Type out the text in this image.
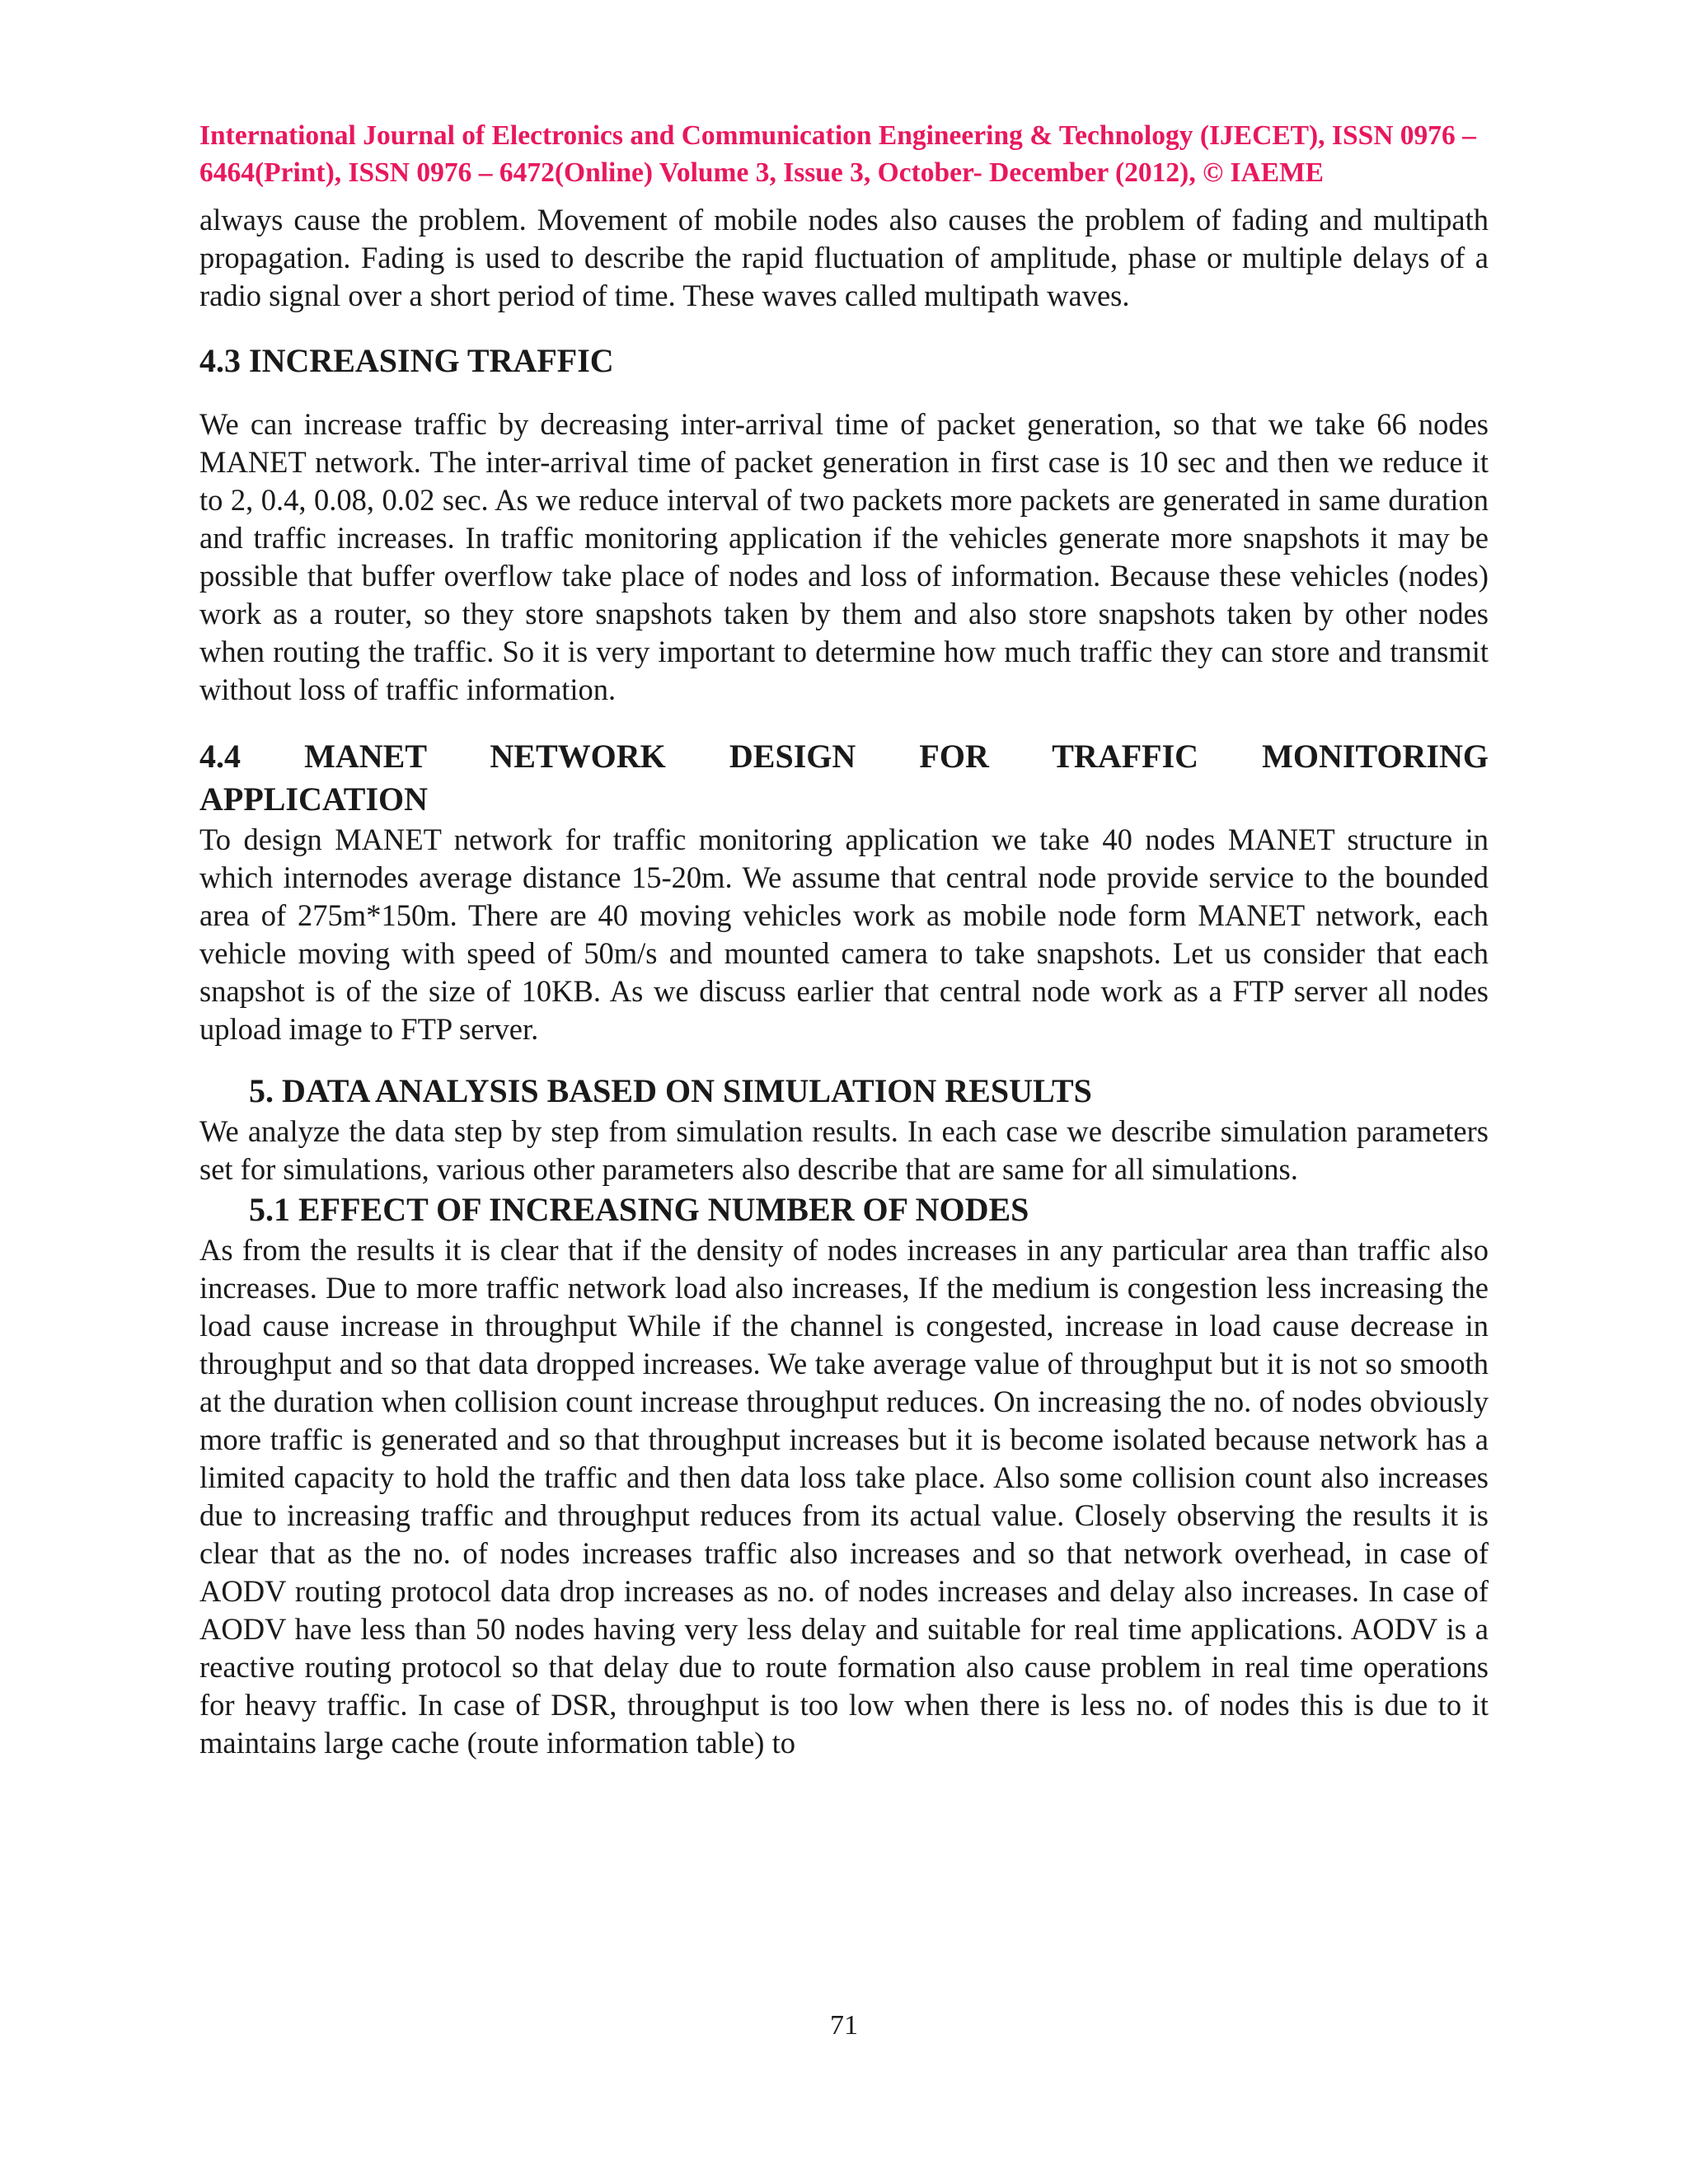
International Journal of Electronics and Communication Engineering & Technology (IJECET), ISSN 0976 –
6464(Print), ISSN 0976 – 6472(Online) Volume 3, Issue 3, October- December (2012), © IAEME

always cause the problem. Movement of mobile nodes also causes the problem of fading and multipath propagation. Fading is used to describe the rapid fluctuation of amplitude, phase or multiple delays of a radio signal over a short period of time. These waves called multipath waves.

4.3 INCREASING TRAFFIC

We can increase traffic by decreasing inter-arrival time of packet generation, so that we take 66 nodes MANET network. The inter-arrival time of packet generation in first case is 10 sec and then we reduce it to 2, 0.4, 0.08, 0.02 sec. As we reduce interval of two packets more packets are generated in same duration and traffic increases. In traffic monitoring application if the vehicles generate more snapshots it may be possible that buffer overflow take place of nodes and loss of information. Because these vehicles (nodes) work as a router, so they store snapshots taken by them and also store snapshots taken by other nodes when routing the traffic. So it is very important to determine how much traffic they can store and transmit without loss of traffic information.

4.4 MANET NETWORK DESIGN FOR TRAFFIC MONITORING
APPLICATION

To design MANET network for traffic monitoring application we take 40 nodes MANET structure in which internodes average distance 15-20m. We assume that central node provide service to the bounded area of 275m*150m. There are 40 moving vehicles work as mobile node form MANET network, each vehicle moving with speed of 50m/s and mounted camera to take snapshots. Let us consider that each snapshot is of the size of 10KB. As we discuss earlier that central node work as a FTP server all nodes upload image to FTP server.

5. DATA ANALYSIS BASED ON SIMULATION RESULTS

We analyze the data step by step from simulation results. In each case we describe simulation parameters set for simulations, various other parameters also describe that are same for all simulations.

5.1 EFFECT OF INCREASING NUMBER OF NODES

As from the results it is clear that if the density of nodes increases in any particular area than traffic also increases. Due to more traffic network load also increases, If the medium is congestion less increasing the load cause increase in throughput While if the channel is congested, increase in load cause decrease in throughput and so that data dropped increases. We take average value of throughput but it is not so smooth at the duration when collision count increase throughput reduces. On increasing the no. of nodes obviously more traffic is generated and so that throughput increases but it is become isolated because network has a limited capacity to hold the traffic and then data loss take place. Also some collision count also increases due to increasing traffic and throughput reduces from its actual value. Closely observing the results it is clear that as the no. of nodes increases traffic also increases and so that network overhead, in case of AODV routing protocol data drop increases as no. of nodes increases and delay also increases. In case of AODV have less than 50 nodes having very less delay and suitable for real time applications. AODV is a reactive routing protocol so that delay due to route formation also cause problem in real time operations for heavy traffic. In case of DSR, throughput is too low when there is less no. of nodes this is due to it maintains large cache (route information table) to

71
